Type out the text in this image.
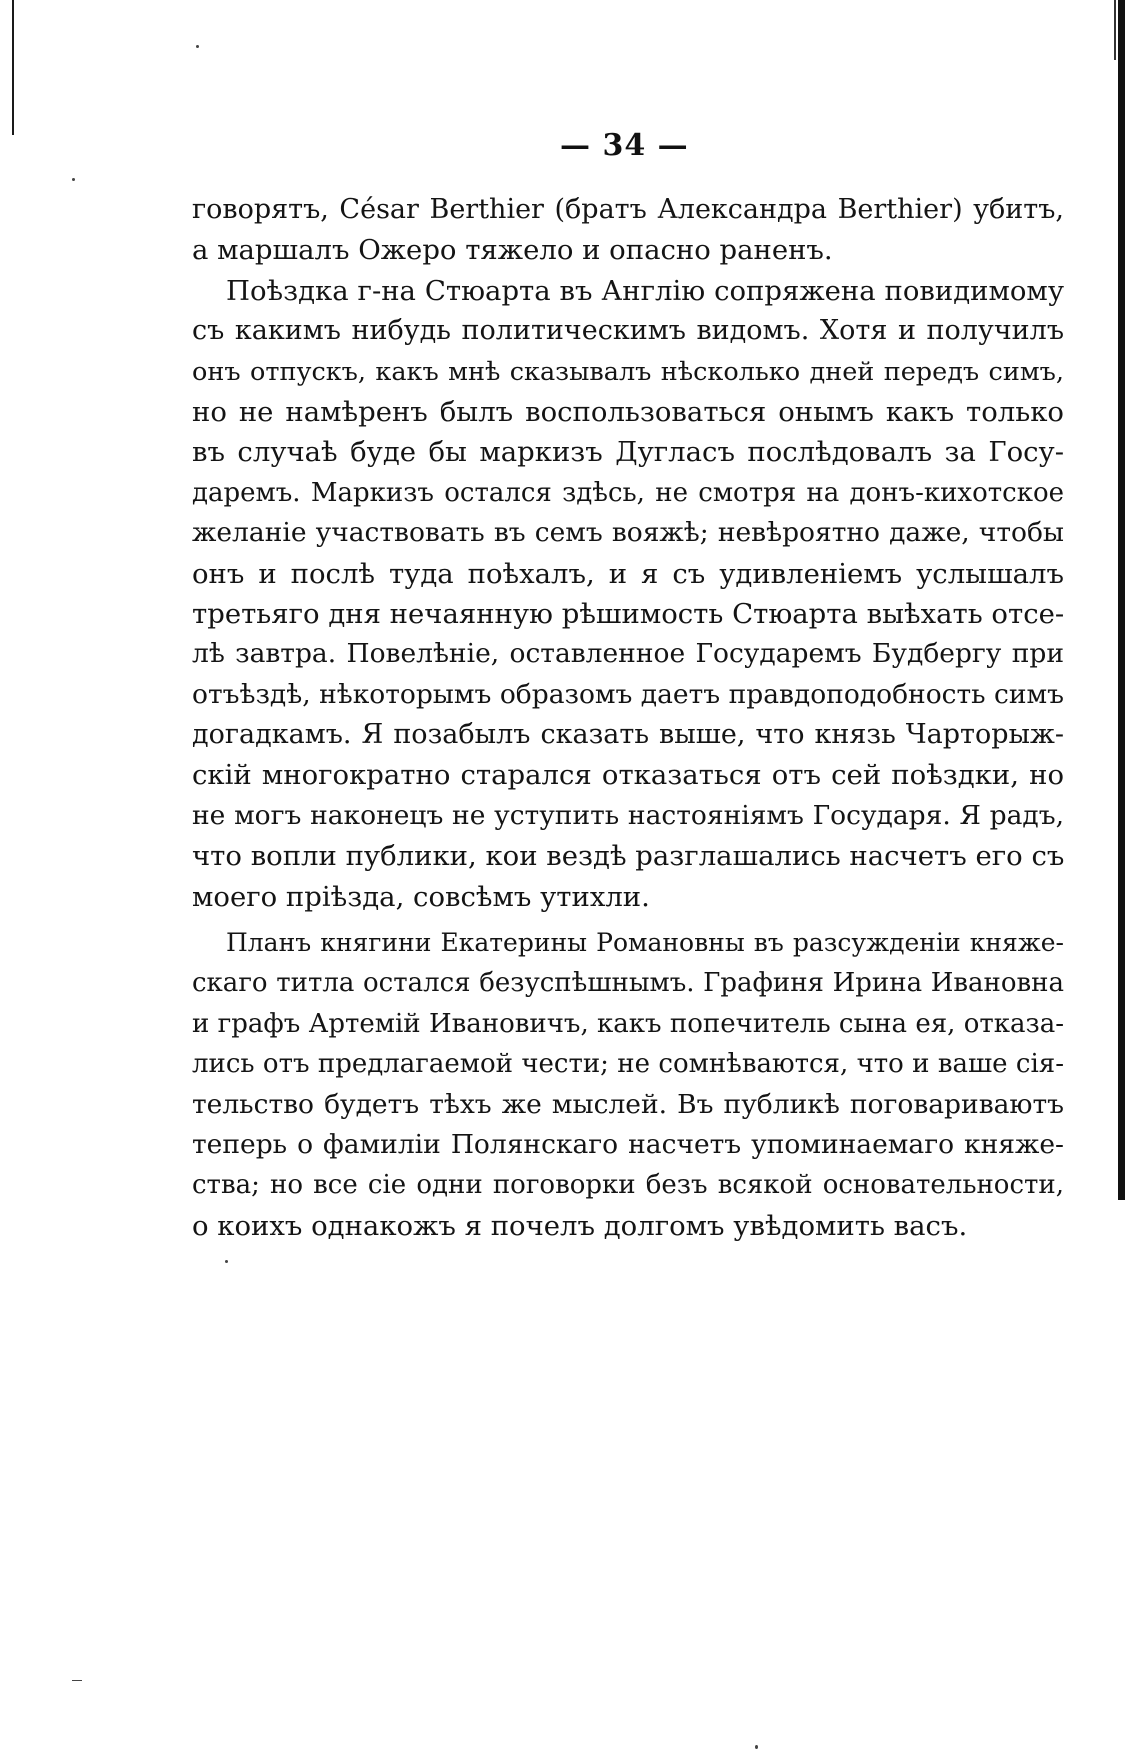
— 34 —
говорятъ, César Berthier (братъ Александра Berthier) убитъ,
а маршалъ Ожеро тяжело и опасно раненъ.
Поѣздка г-на Стюарта въ Англію сопряжена повидимому
съ какимъ нибудь политическимъ видомъ. Хотя и получилъ
онъ отпускъ, какъ мнѣ сказывалъ нѣсколько дней передъ симъ,
но не намѣренъ былъ воспользоваться онымъ какъ только
въ случаѣ буде бы маркизъ Дугласъ послѣдовалъ за Госу-
даремъ. Маркизъ остался здѣсь, не смотря на донъ-кихотское
желаніе участвовать въ семъ вояжѣ; невѣроятно даже, чтобы
онъ и послѣ туда поѣхалъ, и я съ удивленіемъ услышалъ
третьяго дня нечаянную рѣшимость Стюарта выѣхать отсе-
лѣ завтра. Повелѣніе, оставленное Государемъ Будбергу при
отъѣздѣ, нѣкоторымъ образомъ даетъ правдоподобность симъ
догадкамъ. Я позабылъ сказать выше, что князь Чарторыж-
скій многократно старался отказаться отъ сей поѣздки, но
не могъ наконецъ не уступить настояніямъ Государя. Я радъ,
что вопли публики, кои вездѣ разглашались насчетъ его съ
моего пріѣзда, совсѣмъ утихли.
Планъ княгини Екатерины Романовны въ разсужденіи княже-
скаго титла остался безуспѣшнымъ. Графиня Ирина Ивановна
и графъ Артемій Ивановичъ, какъ попечитель сына ея, отказа-
лись отъ предлагаемой чести; не сомнѣваются, что и ваше сія-
тельство будетъ тѣхъ же мыслей. Въ публикѣ поговариваютъ
теперь о фамиліи Полянскаго насчетъ упоминаемаго княже-
ства; но все сіе одни поговорки безъ всякой основательности,
о коихъ однакожъ я почелъ долгомъ увѣдомить васъ.
